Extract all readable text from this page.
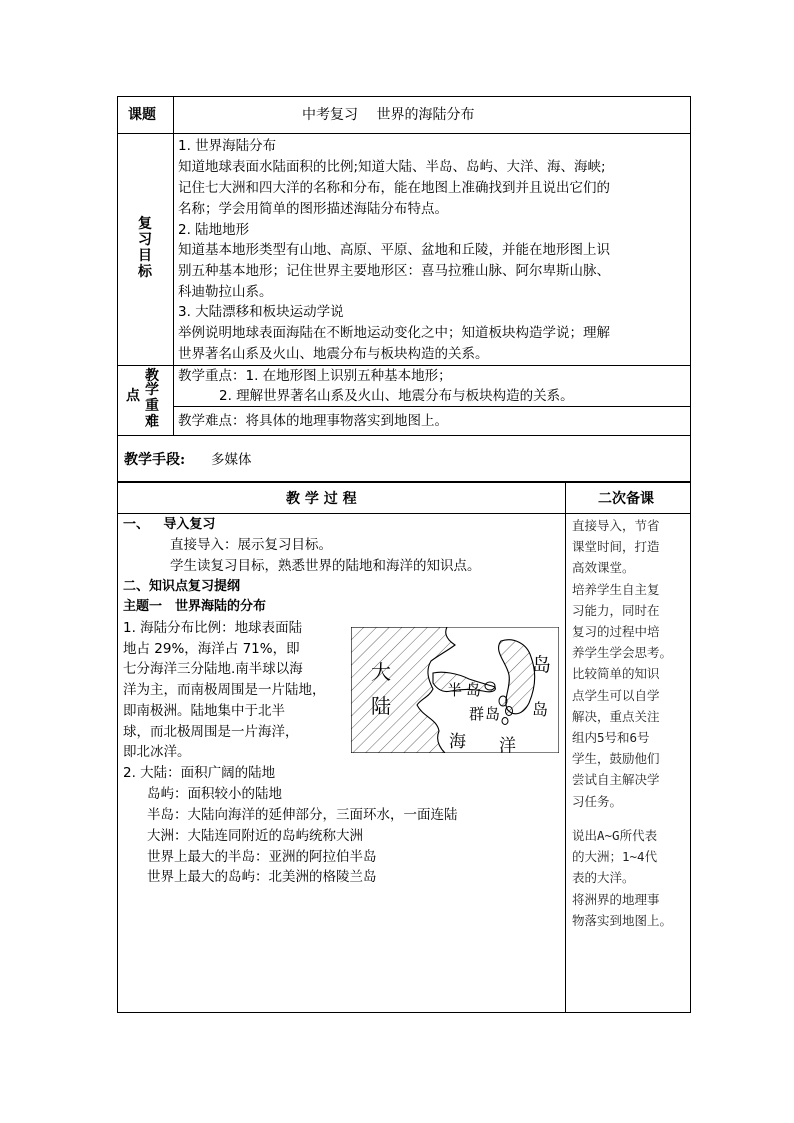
课题	中考复习　 世界的海陆分布
复
习
目
标
1. 世界海陆分布
知道地球表面水陆面积的比例;知道大陆、半岛、岛屿、大洋、海、海峡;
记住七大洲和四大洋的名称和分布，能在地图上准确找到并且说出它们的
名称；学会用简单的图形描述海陆分布特点。
2. 陆地地形
知道基本地形类型有山地、高原、平原、盆地和丘陵，并能在地形图上识
别五种基本地形；记住世界主要地形区：喜马拉雅山脉、阿尔卑斯山脉、
科迪勒拉山系。
3. 大陆漂移和板块运动学说
举例说明地球表面海陆在不断地运动变化之中；知道板块构造学说；理解
世界著名山系及火山、地震分布与板块构造的关系。
教
点 学
重
难
教学重点：1. 在地形图上识别五种基本地形；
2. 理解世界著名山系及火山、地震分布与板块构造的关系。
教学难点：将具体的地理事物落实到地图上。
教学手段: 多媒体
教 学 过 程	二次备课
一、　 导入复习
直接导入：展示复习目标。
学生读复习目标，熟悉世界的陆地和海洋的知识点。
二、知识点复习提纲
主题一　世界海陆的分布
1. 海陆分布比例：地球表面陆
地占 29%，海洋占 71%，即
七分海洋三分陆地.南半球以海
洋为主，而南极周围是一片陆地，
即南极洲。陆地集中于北半
球，而北极周围是一片海洋，
即北冰洋。
大
陆
半岛
群岛
岛
岛
海 洋
2. 大陆：面积广阔的陆地
岛屿：面积较小的陆地
半岛：大陆向海洋的延伸部分，三面环水，一面连陆
大洲：大陆连同附近的岛屿统称大洲
世界上最大的半岛：亚洲的阿拉伯半岛
世界上最大的岛屿：北美洲的格陵兰岛

直接导入，节省

课堂时间，打造

高效课堂。

培养学生自主复

习能力，同时在

复习的过程中培

养学生学会思考。

比较简单的知识

点学生可以自学

解决，重点关注

组内5号和6号

学生，鼓励他们

尝试自主解决学

习任务。

说出A~G所代表

的大洲；1~4代

表的大洋。

将洲界的地理事

物落实到地图上。
